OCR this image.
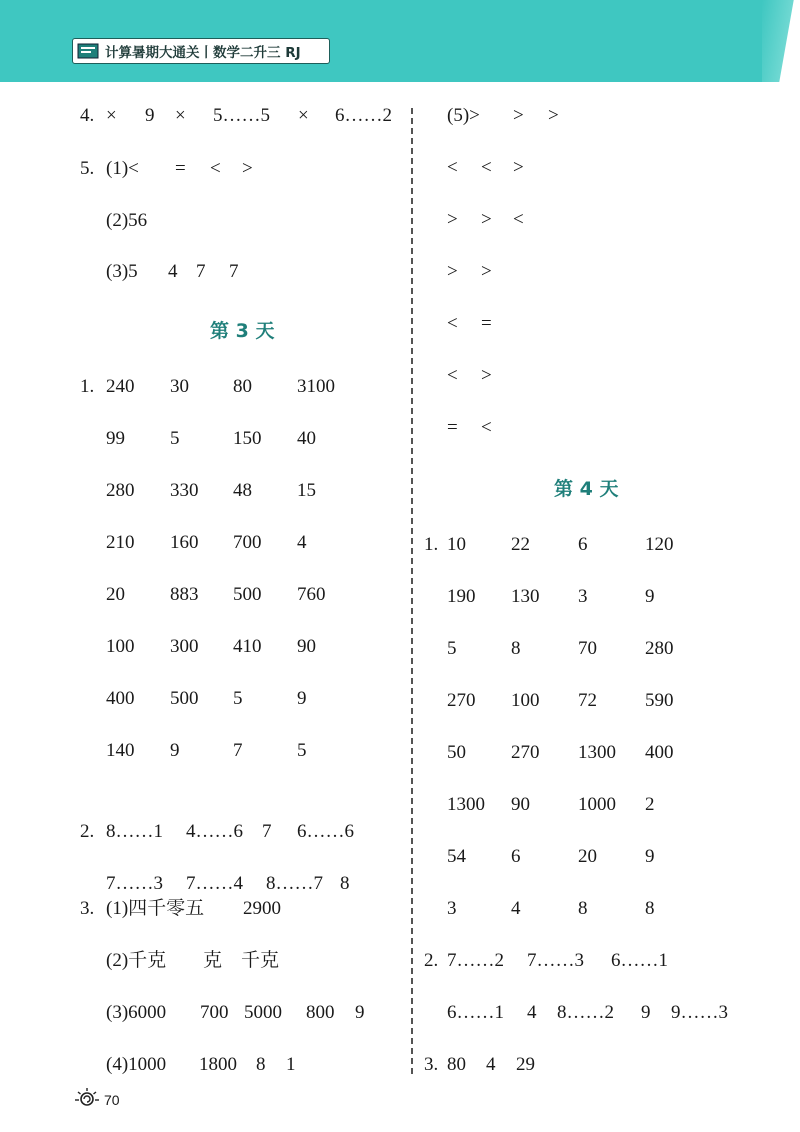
计算暑期大通关丨数学二升三 RJ
4. × 9 × 5……5 × 6……2
5. (1)< = < >
(2)56
(3)5 4 7 7
第 3 天
1. 240 30 80 3100
99 5	150 40
280 330 48 15
210 160 700 4
20 883 500 760
100 300 410 90
400 500 5	9
140 9	7	5
2. 8……1 4……6 7 6……6
7……3 7……4 8……7 8
3. (1)四千零五 2900
(2)千克 克 千克
(3)6000 700 5000 800 9
(4)1000 1800 8 1
(5)> > >
< < >
> > <
> >
< =
< >
= <
第 4 天
1. 10 22	6	120
190 130 3	9
5	8	70	280
270 100 72	590
50 270 1300 400
1300 90	1000 2
54 6	20	9
3	4	8	8
2. 7……2 7……3 6……1
6……1 4 8……2 9 9……3
3. 80 4 29
70
